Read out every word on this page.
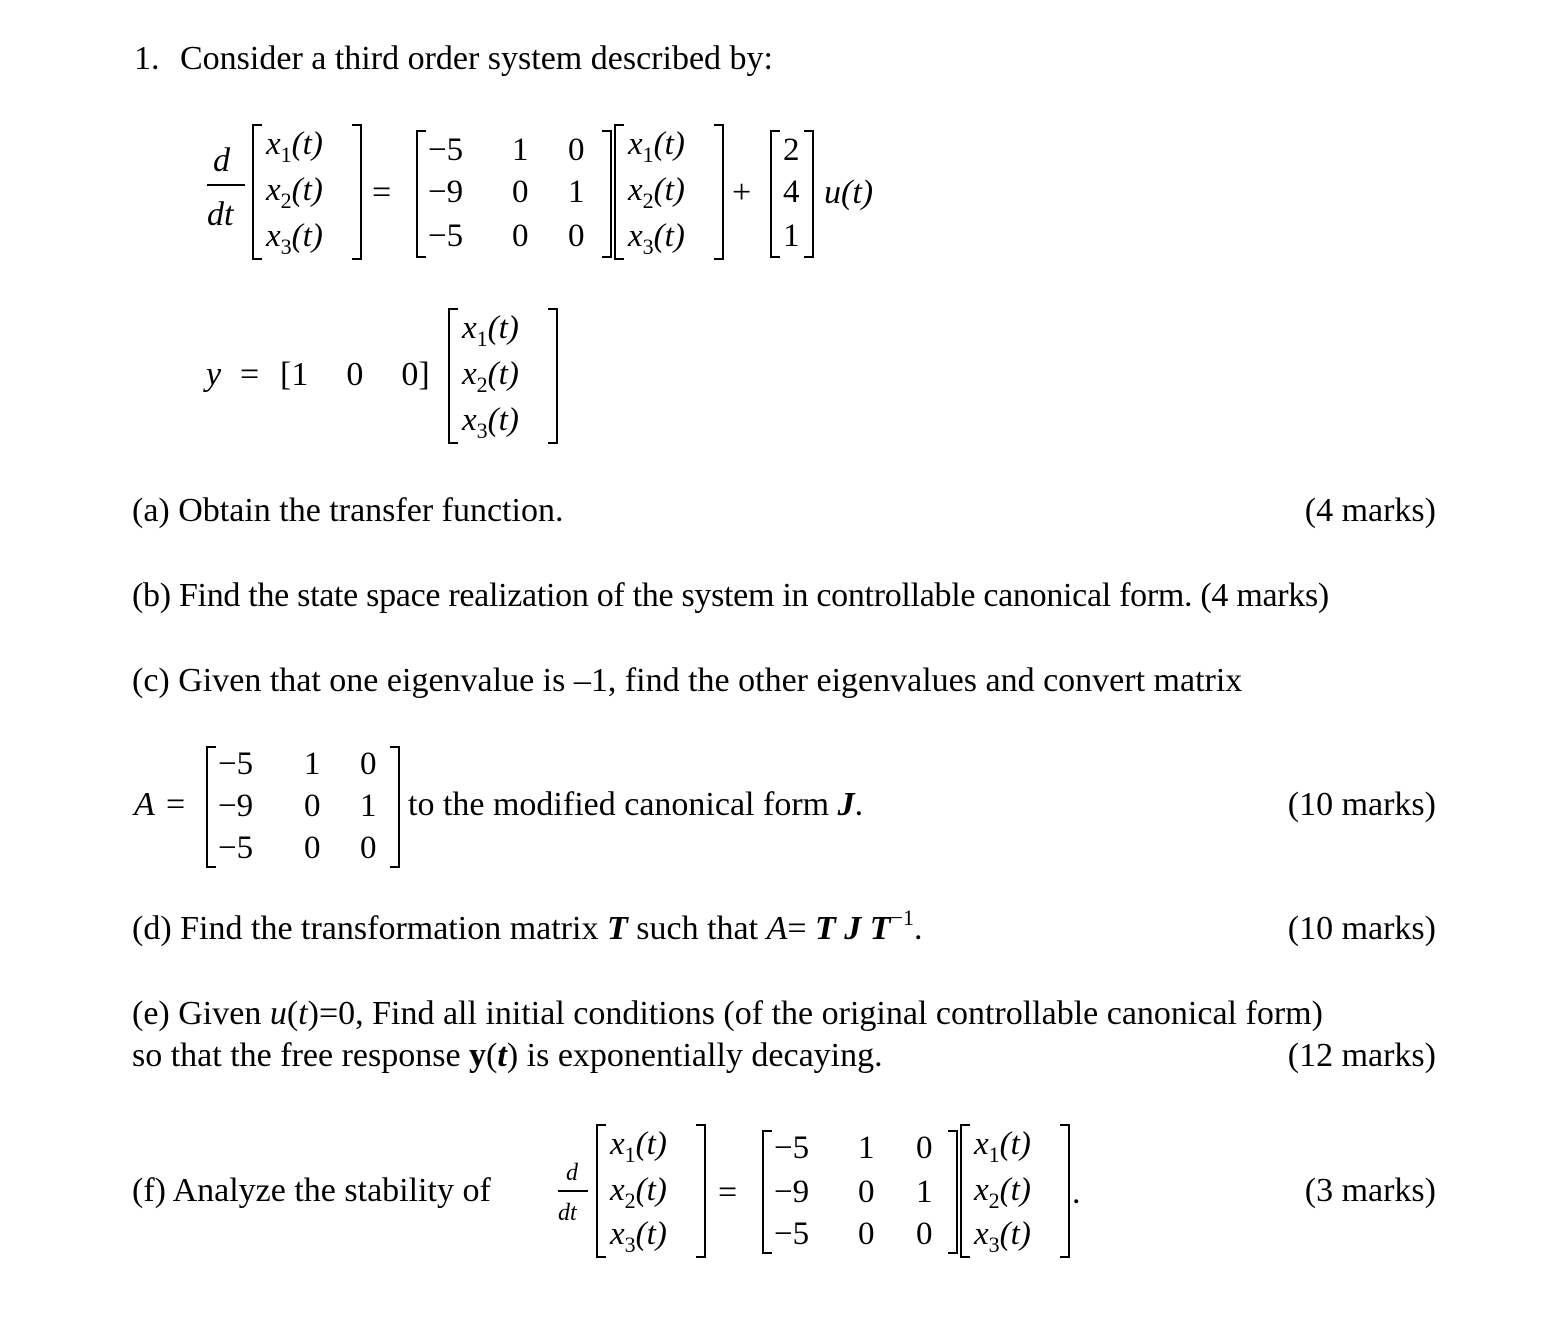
1. Consider a third order system described by:
d
dt
$x_1(t)$
$x_2(t)$
$x_3(t)$
=
−5 1 0
−9 0 1
−5 0 0
$x_1(t)$
$x_2(t)$
$x_3(t)$
+
2
4
1
u(t)
y = [1 0 0]
$x_1(t)$
$x_2(t)$
$x_3(t)$
(a) Obtain the transfer function.	(4 marks)
(b) Find the state space realization of the system in controllable canonical form. (4 marks)
(c) Given that one eigenvalue is –1, find the other eigenvalues and convert matrix
A =
−5 1 0
−9 0 1
−5 0 0
to the modified canonical form J.	(10 marks)
(d) Find the transformation matrix T such that A= T J $T^{-1}$.	(10 marks)
(e) Given u(t)=0, Find all initial conditions (of the original controllable canonical form)
so that the free response y(t) is exponentially decaying.	(12 marks)
(f) Analyze the stability of	d
dt
$x_1(t)$
$x_2(t)$
$x_3(t)$
=
−5 1 0
−9 0 1
−5 0 0
$x_1(t)$
$x_2(t)$
$x_3(t)$
.	(3 marks)
